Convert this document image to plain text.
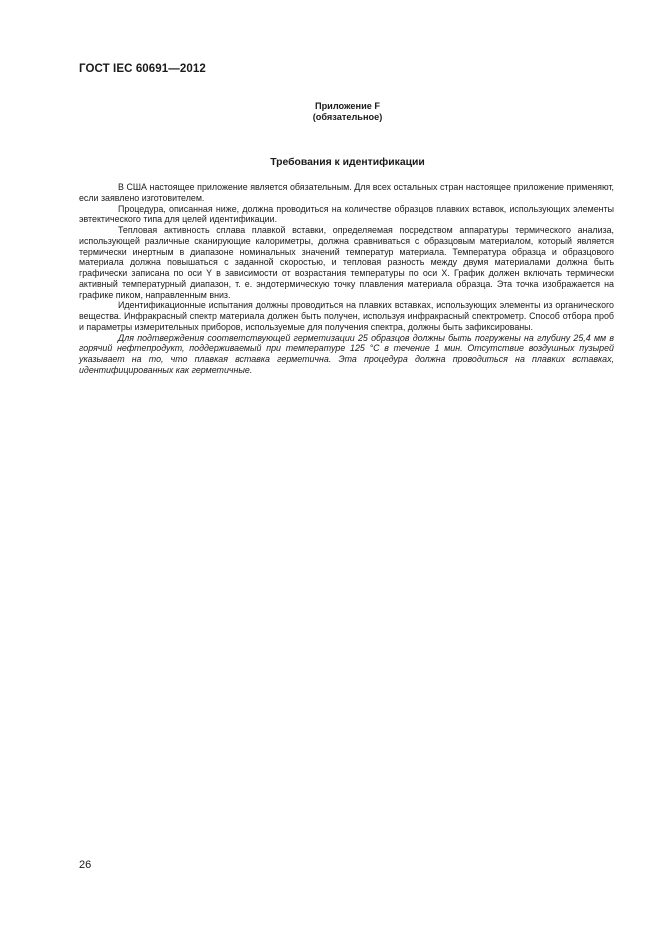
ГОСТ IEC 60691—2012
Приложение F
(обязательное)
Требования к идентификации

В США настоящее приложение является обязательным. Для всех остальных стран настоящее приложение применяют, если заявлено изготовителем.

Процедура, описанная ниже, должна проводиться на количестве образцов плавких вставок, использующих элементы эвтектического типа для целей идентификации.

Тепловая активность сплава плавкой вставки, определяемая посредством аппаратуры термического анализа, использующей различные сканирующие калориметры, должна сравниваться с образцовым материалом, который является термически инертным в диапазоне номинальных значений температур материала. Температура образца и образцового материала должна повышаться с заданной скоростью, и тепловая разность между двумя материалами должна быть графически записана по оси Y в зависимости от возрастания температуры по оси X. График должен включать термически активный температурный диапазон, т. е. эндотермическую точку плавления материала образца. Эта точка изображается на графике пиком, направленным вниз.

Идентификационные испытания должны проводиться на плавких вставках, использующих элементы из органического вещества. Инфракрасный спектр материала должен быть получен, используя инфракрасный спектрометр. Способ отбора проб и параметры измерительных приборов, используемые для получения спектра, должны быть зафиксированы.

Для подтверждения соответствующей герметизации 25 образцов должны быть погружены на глубину 25,4 мм в горячий нефтепродукт, поддерживаемый при температуре 125 °C в течение 1 мин. Отсутствие воздушных пузырей указывает на то, что плавкая вставка герметична. Эта процедура должна проводиться на плавких вставках, идентифицированных как герметичные.

26
